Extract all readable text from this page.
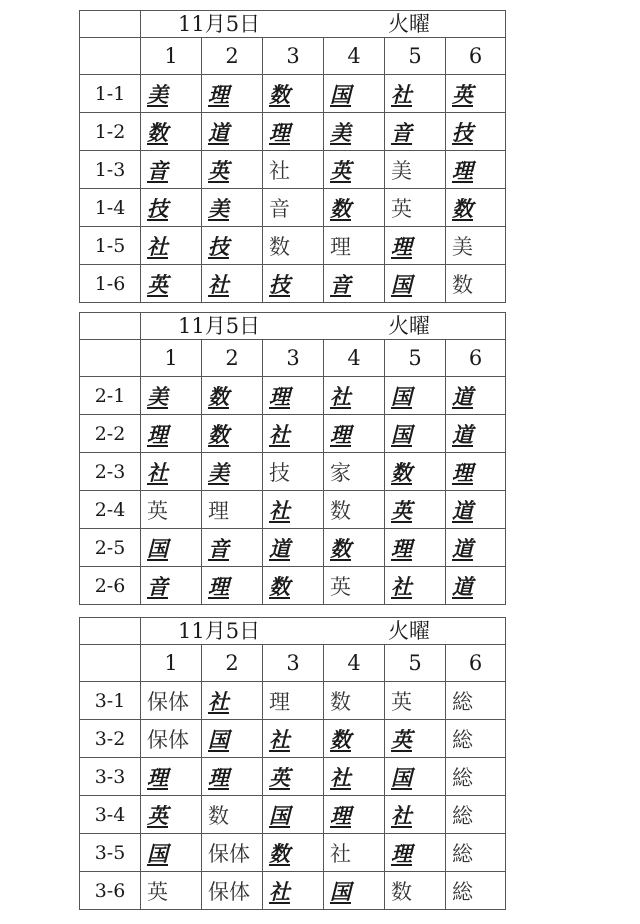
	11月5日 火曜					

	1	2	3	4	5	6
1-1	美	理	数	国	社	英
1-2	数	道	理	美	音	技
1-3	音	英	社	英	美	理
1-4	技	美	音	数	英	数
1-5	社	技	数	理	理	美
1-6	英	社	技	音	国	数

	11月5日 火曜					

	1	2	3	4	5	6
2-1	美	数	理	社	国	道
2-2	理	数	社	理	国	道
2-3	社	美	技	家	数	理
2-4	英	理	社	数	英	道
2-5	国	音	道	数	理	道
2-6	音	理	数	英	社	道

	11月5日 火曜					

	1	2	3	4	5	6
3-1	保体	社	理	数	英	総
3-2	保体	国	社	数	英	総
3-3	理	理	英	社	国	総
3-4	英	数	国	理	社	総
3-5	国	保体	数	社	理	総
3-6	英	保体	社	国	数	総
